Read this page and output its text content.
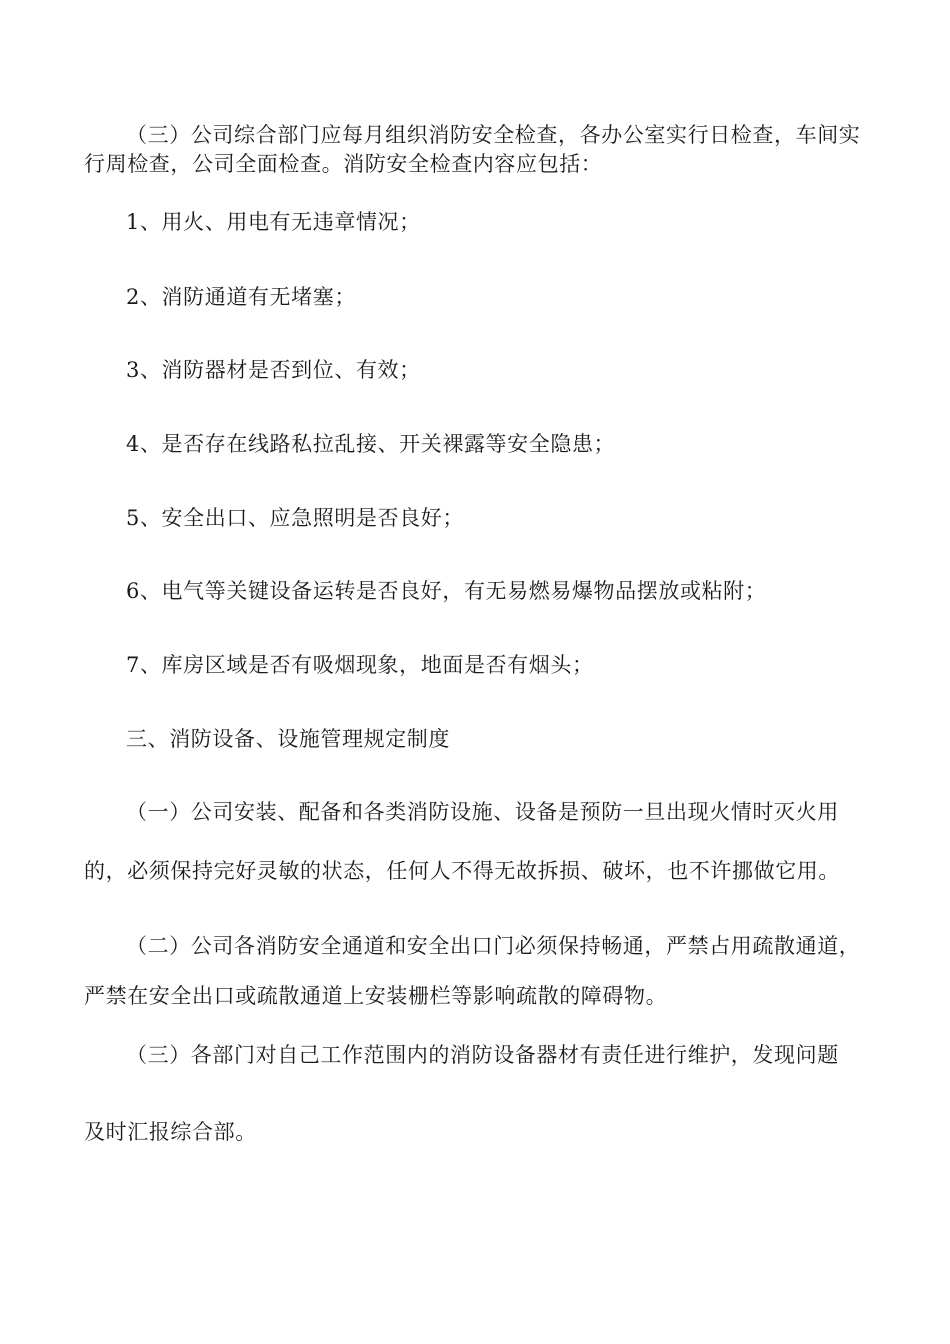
（三）公司综合部门应每月组织消防安全检查，各办公室实行日检查，车间实
行周检查，公司全面检查。消防安全检查内容应包括：
1、用火、用电有无违章情况；
2、消防通道有无堵塞；
3、消防器材是否到位、有效；
4、是否存在线路私拉乱接、开关裸露等安全隐患；
5、安全出口、应急照明是否良好；
6、电气等关键设备运转是否良好，有无易燃易爆物品摆放或粘附；
7、库房区域是否有吸烟现象，地面是否有烟头；
三、消防设备、设施管理规定制度
（一）公司安装、配备和各类消防设施、设备是预防一旦出现火情时灭火用
的，必须保持完好灵敏的状态，任何人不得无故拆损、破坏，也不许挪做它用。
（二）公司各消防安全通道和安全出口门必须保持畅通，严禁占用疏散通道，
严禁在安全出口或疏散通道上安装栅栏等影响疏散的障碍物。
（三）各部门对自己工作范围内的消防设备器材有责任进行维护，发现问题
及时汇报综合部。
